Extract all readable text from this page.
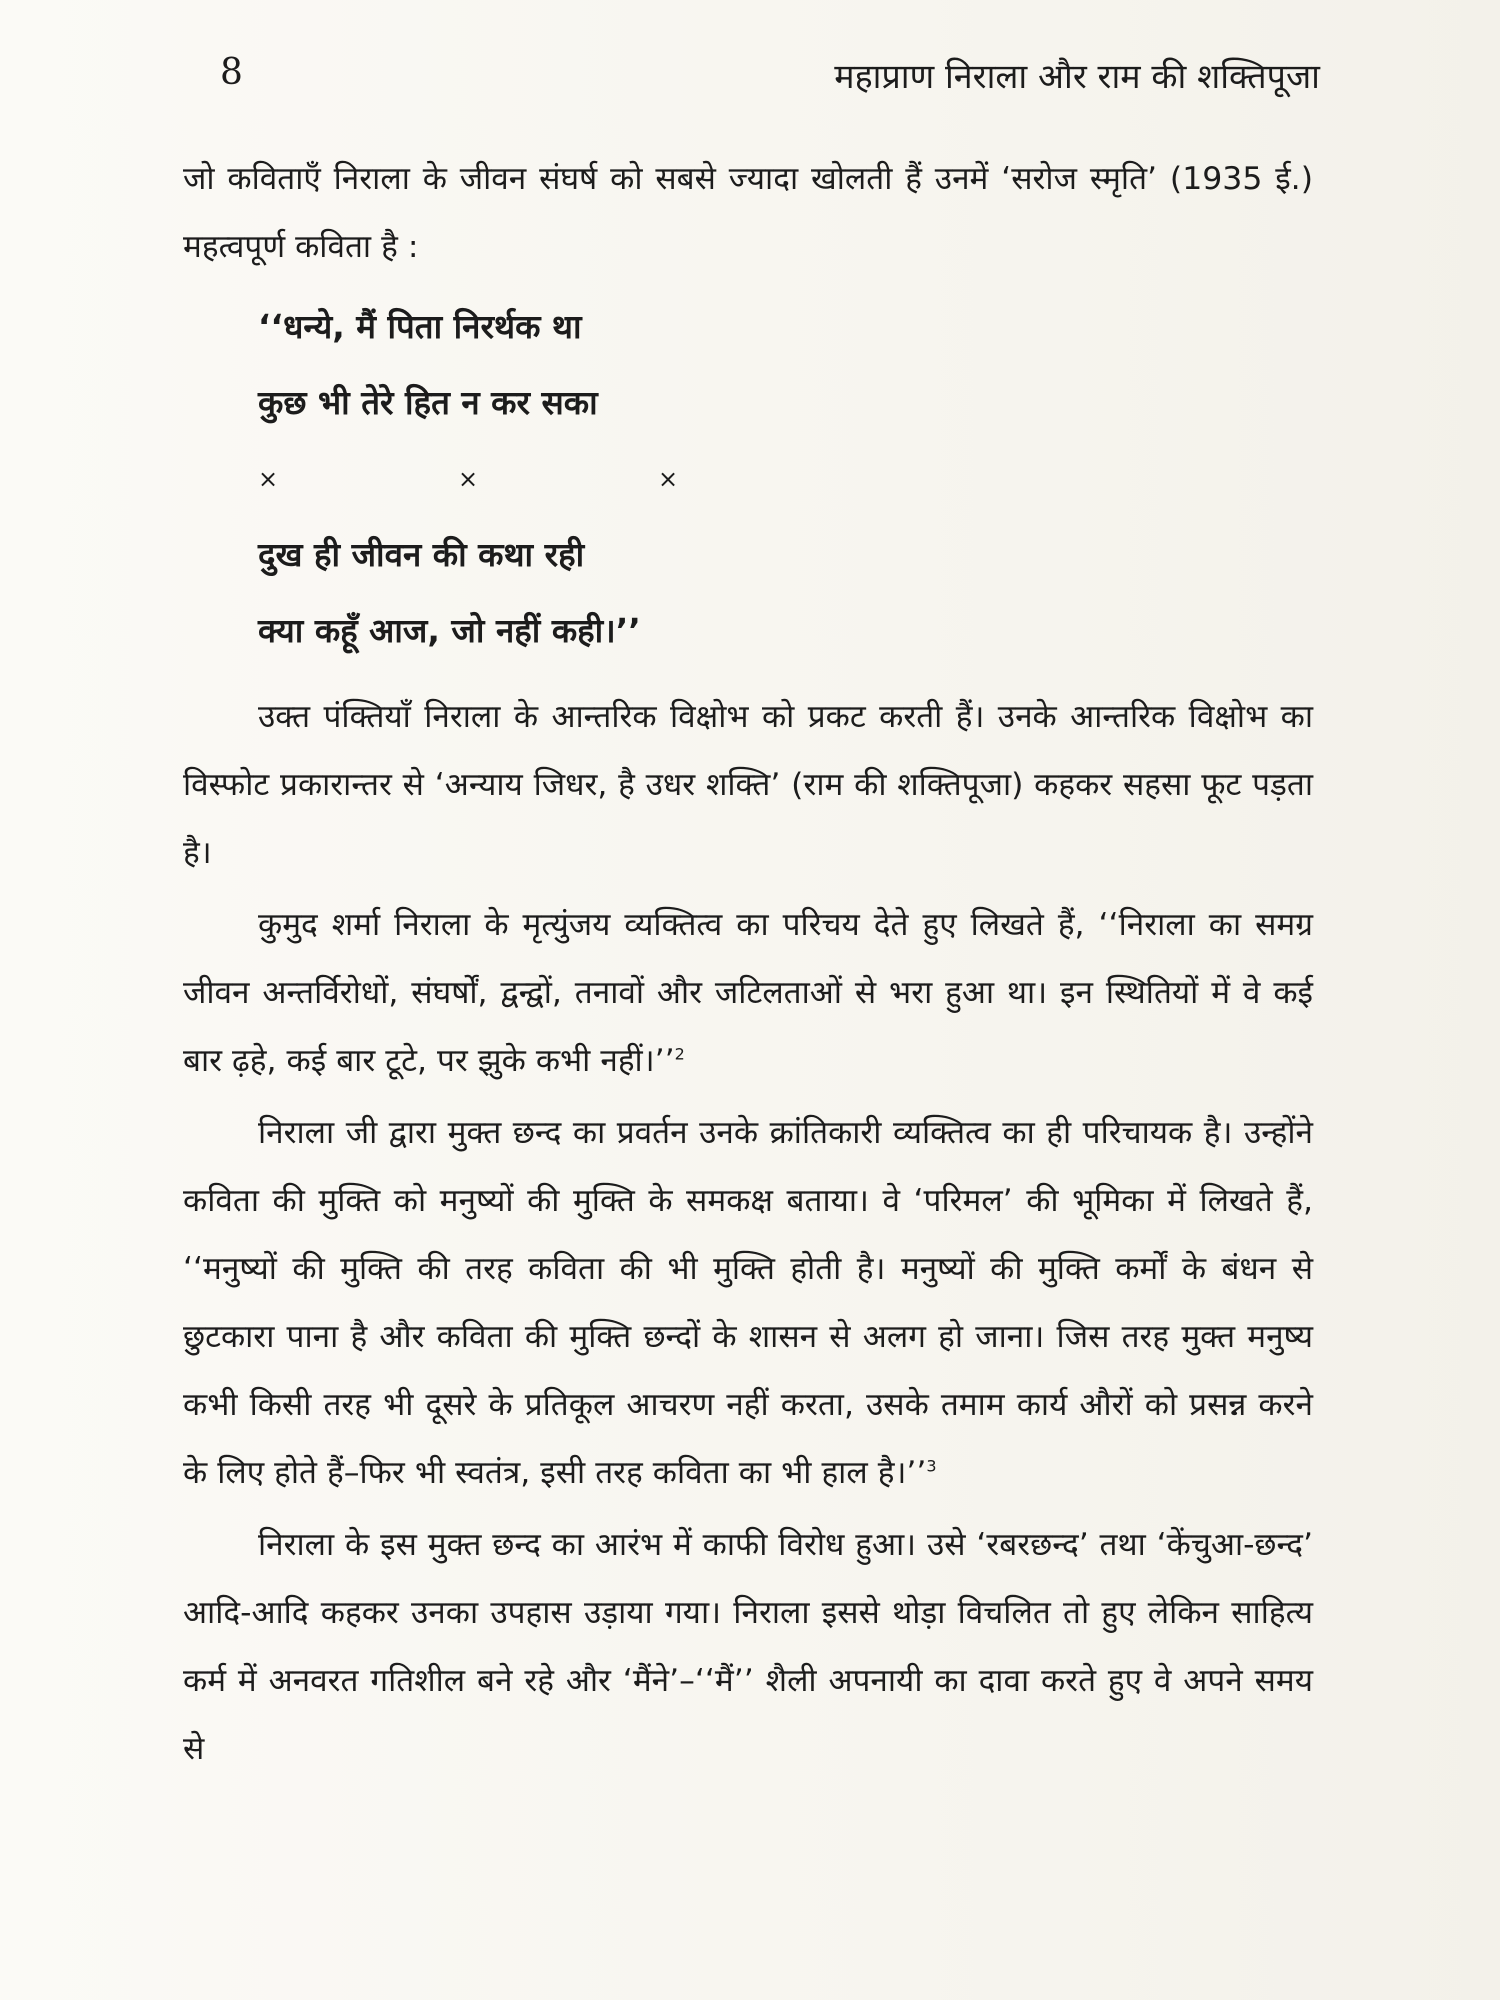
8	महाप्राण निराला और राम की शक्तिपूजा

जो कविताएँ निराला के जीवन संघर्ष को सबसे ज्यादा खोलती हैं उनमें ‘सरोज स्मृति’ (1935 ई.) महत्वपूर्ण कविता है :

‘‘धन्ये, मैं पिता निरर्थक था
कुछ भी तेरे हित न कर सका
×	×	×
दुख ही जीवन की कथा रही
क्या कहूँ आज, जो नहीं कही।’’

उक्त पंक्तियाँ निराला के आन्तरिक विक्षोभ को प्रकट करती हैं। उनके आन्तरिक विक्षोभ का विस्फोट प्रकारान्तर से ‘अन्याय जिधर, है उधर शक्ति’ (राम की शक्तिपूजा) कहकर सहसा फूट पड़ता है।

कुमुद शर्मा निराला के मृत्युंजय व्यक्तित्व का परिचय देते हुए लिखते हैं, ‘‘निराला का समग्र जीवन अन्तर्विरोधों, संघर्षों, द्वन्द्वों, तनावों और जटिलताओं से भरा हुआ था। इन स्थितियों में वे कई बार ढ़हे, कई बार टूटे, पर झुके कभी नहीं।’’$^2$

निराला जी द्वारा मुक्त छन्द का प्रवर्तन उनके क्रांतिकारी व्यक्तित्व का ही परिचायक है। उन्होंने कविता की मुक्ति को मनुष्यों की मुक्ति के समकक्ष बताया। वे ‘परिमल’ की भूमिका में लिखते हैं, ‘‘मनुष्यों की मुक्ति की तरह कविता की भी मुक्ति होती है। मनुष्यों की मुक्ति कर्मों के बंधन से छुटकारा पाना है और कविता की मुक्ति छन्दों के शासन से अलग हो जाना। जिस तरह मुक्त मनुष्य कभी किसी तरह भी दूसरे के प्रतिकूल आचरण नहीं करता, उसके तमाम कार्य औरों को प्रसन्न करने के लिए होते हैं–फिर भी स्वतंत्र, इसी तरह कविता का भी हाल है।’’$^3$

निराला के इस मुक्त छन्द का आरंभ में काफी विरोध हुआ। उसे ‘रबरछन्द’ तथा ‘केंचुआ-छन्द’ आदि-आदि कहकर उनका उपहास उड़ाया गया। निराला इससे थोड़ा विचलित तो हुए लेकिन साहित्य कर्म में अनवरत गतिशील बने रहे और ‘मैंने’–‘‘मैं’’ शैली अपनायी का दावा करते हुए वे अपने समय से
